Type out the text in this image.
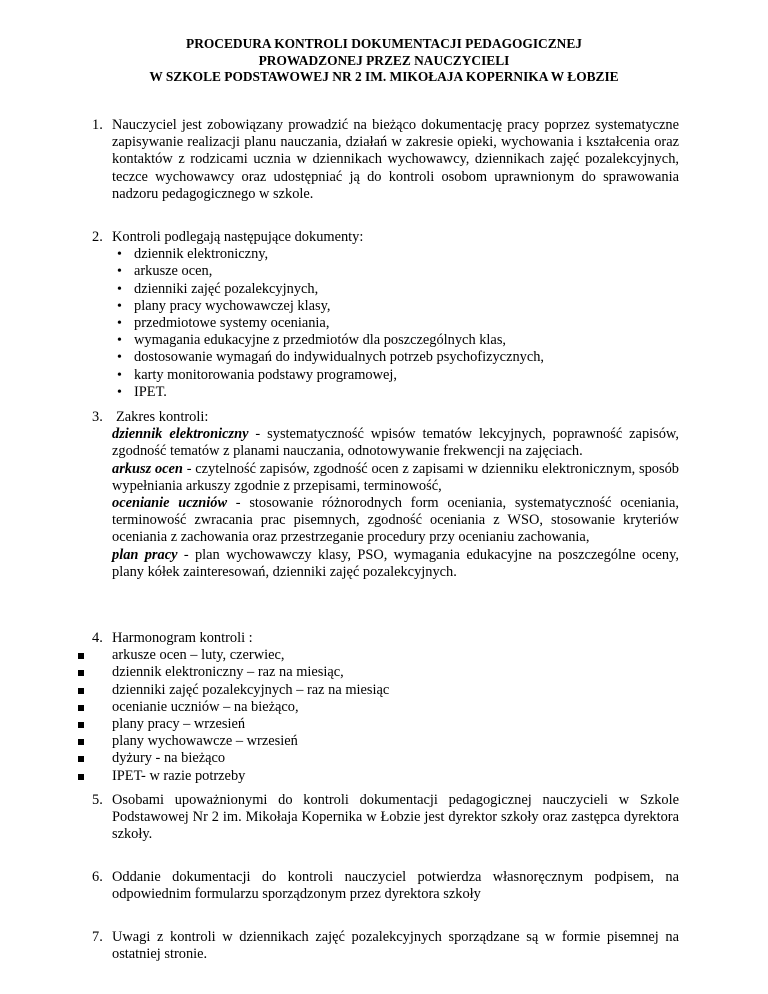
PROCEDURA KONTROLI DOKUMENTACJI PEDAGOGICZNEJ
PROWADZONEJ PRZEZ NAUCZYCIELI
W SZKOLE PODSTAWOWEJ NR 2 IM. MIKOŁAJA KOPERNIKA W ŁOBZIE
1. Nauczyciel jest zobowiązany prowadzić na bieżąco dokumentację pracy poprzez systematyczne zapisywanie realizacji planu nauczania, działań w zakresie opieki, wychowania i kształcenia oraz kontaktów z rodzicami ucznia w dziennikach wychowawcy, dziennikach zajęć pozalekcyjnych, teczce wychowawcy oraz udostępniać ją do kontroli osobom uprawnionym do sprawowania nadzoru pedagogicznego w szkole.
2. Kontroli podlegają następujące dokumenty:
• dziennik elektroniczny,
• arkusze ocen,
• dzienniki zajęć pozalekcyjnych,
• plany pracy wychowawczej klasy,
• przedmiotowe systemy oceniania,
• wymagania edukacyjne z przedmiotów dla poszczególnych klas,
• dostosowanie wymagań do indywidualnych potrzeb psychofizycznych,
• karty monitorowania podstawy programowej,
• IPET.
3. Zakres kontroli:
dziennik elektroniczny - systematyczność wpisów tematów lekcyjnych, poprawność zapisów, zgodność tematów z planami nauczania, odnotowywanie frekwencji na zajęciach.
arkusz ocen - czytelność zapisów, zgodność ocen z zapisami w dzienniku elektronicznym, sposób wypełniania arkuszy zgodnie z przepisami, terminowość,
ocenianie uczniów - stosowanie różnorodnych form oceniania, systematyczność oceniania, terminowość zwracania prac pisemnych, zgodność oceniania z WSO, stosowanie kryteriów oceniania z zachowania oraz przestrzeganie procedury przy ocenianiu zachowania,
plan pracy - plan wychowawczy klasy, PSO, wymagania edukacyjne na poszczególne oceny, plany kółek zainteresowań, dzienniki zajęć pozalekcyjnych.
4. Harmonogram kontroli :
arkusze ocen – luty, czerwiec,
dziennik elektroniczny – raz na miesiąc,
dzienniki zajęć pozalekcyjnych – raz na miesiąc
ocenianie uczniów – na bieżąco,
plany pracy – wrzesień
plany wychowawcze – wrzesień
dyżury - na bieżąco
IPET- w razie potrzeby
5. Osobami upoważnionymi do kontroli dokumentacji pedagogicznej nauczycieli w Szkole Podstawowej Nr 2 im. Mikołaja Kopernika w Łobzie jest dyrektor szkoły oraz zastępca dyrektora szkoły.
6. Oddanie dokumentacji do kontroli nauczyciel potwierdza własnoręcznym podpisem, na odpowiednim formularzu sporządzonym przez dyrektora szkoły
7. Uwagi z kontroli w dziennikach zajęć pozalekcyjnych sporządzane są w formie pisemnej na ostatniej stronie.
